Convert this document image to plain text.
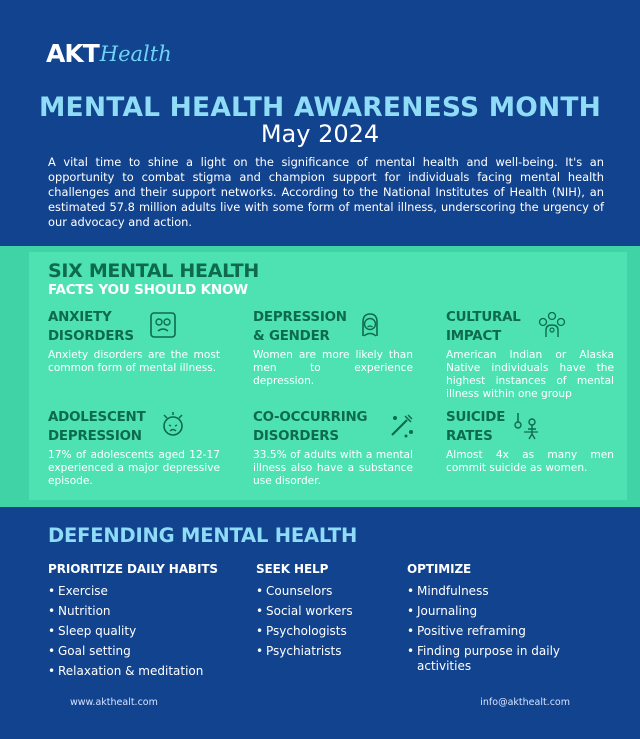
AKT Health
MENTAL HEALTH AWARENESS MONTH
May 2024

A vital time to shine a light on the significance of mental health and well-being. It's an opportunity to combat stigma and champion support for individuals facing mental health challenges and their support networks. According to the National Institutes of Health (NIH), an estimated 57.8 million adults live with some form of mental illness, underscoring the urgency of our advocacy and action.

SIX MENTAL HEALTH
FACTS YOU SHOULD KNOW
ANXIETY
DISORDERS
Anxiety disorders are the most common form of mental illness.
DEPRESSION
& GENDER
Women are more likely than men to experience depression.
CULTURAL
IMPACT
American Indian or Alaska Native individuals have the highest instances of mental illness within one group
ADOLESCENT
DEPRESSION
17% of adolescents aged 12-17 experienced a major depressive episode.
CO-OCCURRING
DISORDERS
33.5% of adults with a mental illness also have a substance use disorder.
SUICIDE
RATES
Almost 4x as many men commit suicide as women.
DEFENDING MENTAL HEALTH
PRIORITIZE DAILY HABITS
• Exercise
• Nutrition
• Sleep quality
• Goal setting
• Relaxation & meditation
SEEK HELP
• Counselors
• Social workers
• Psychologists
• Psychiatrists
OPTIMIZE
• Mindfulness
• Journaling
• Positive reframing
• Finding purpose in daily activities
www.akthealt.com	info@akthealt.com
